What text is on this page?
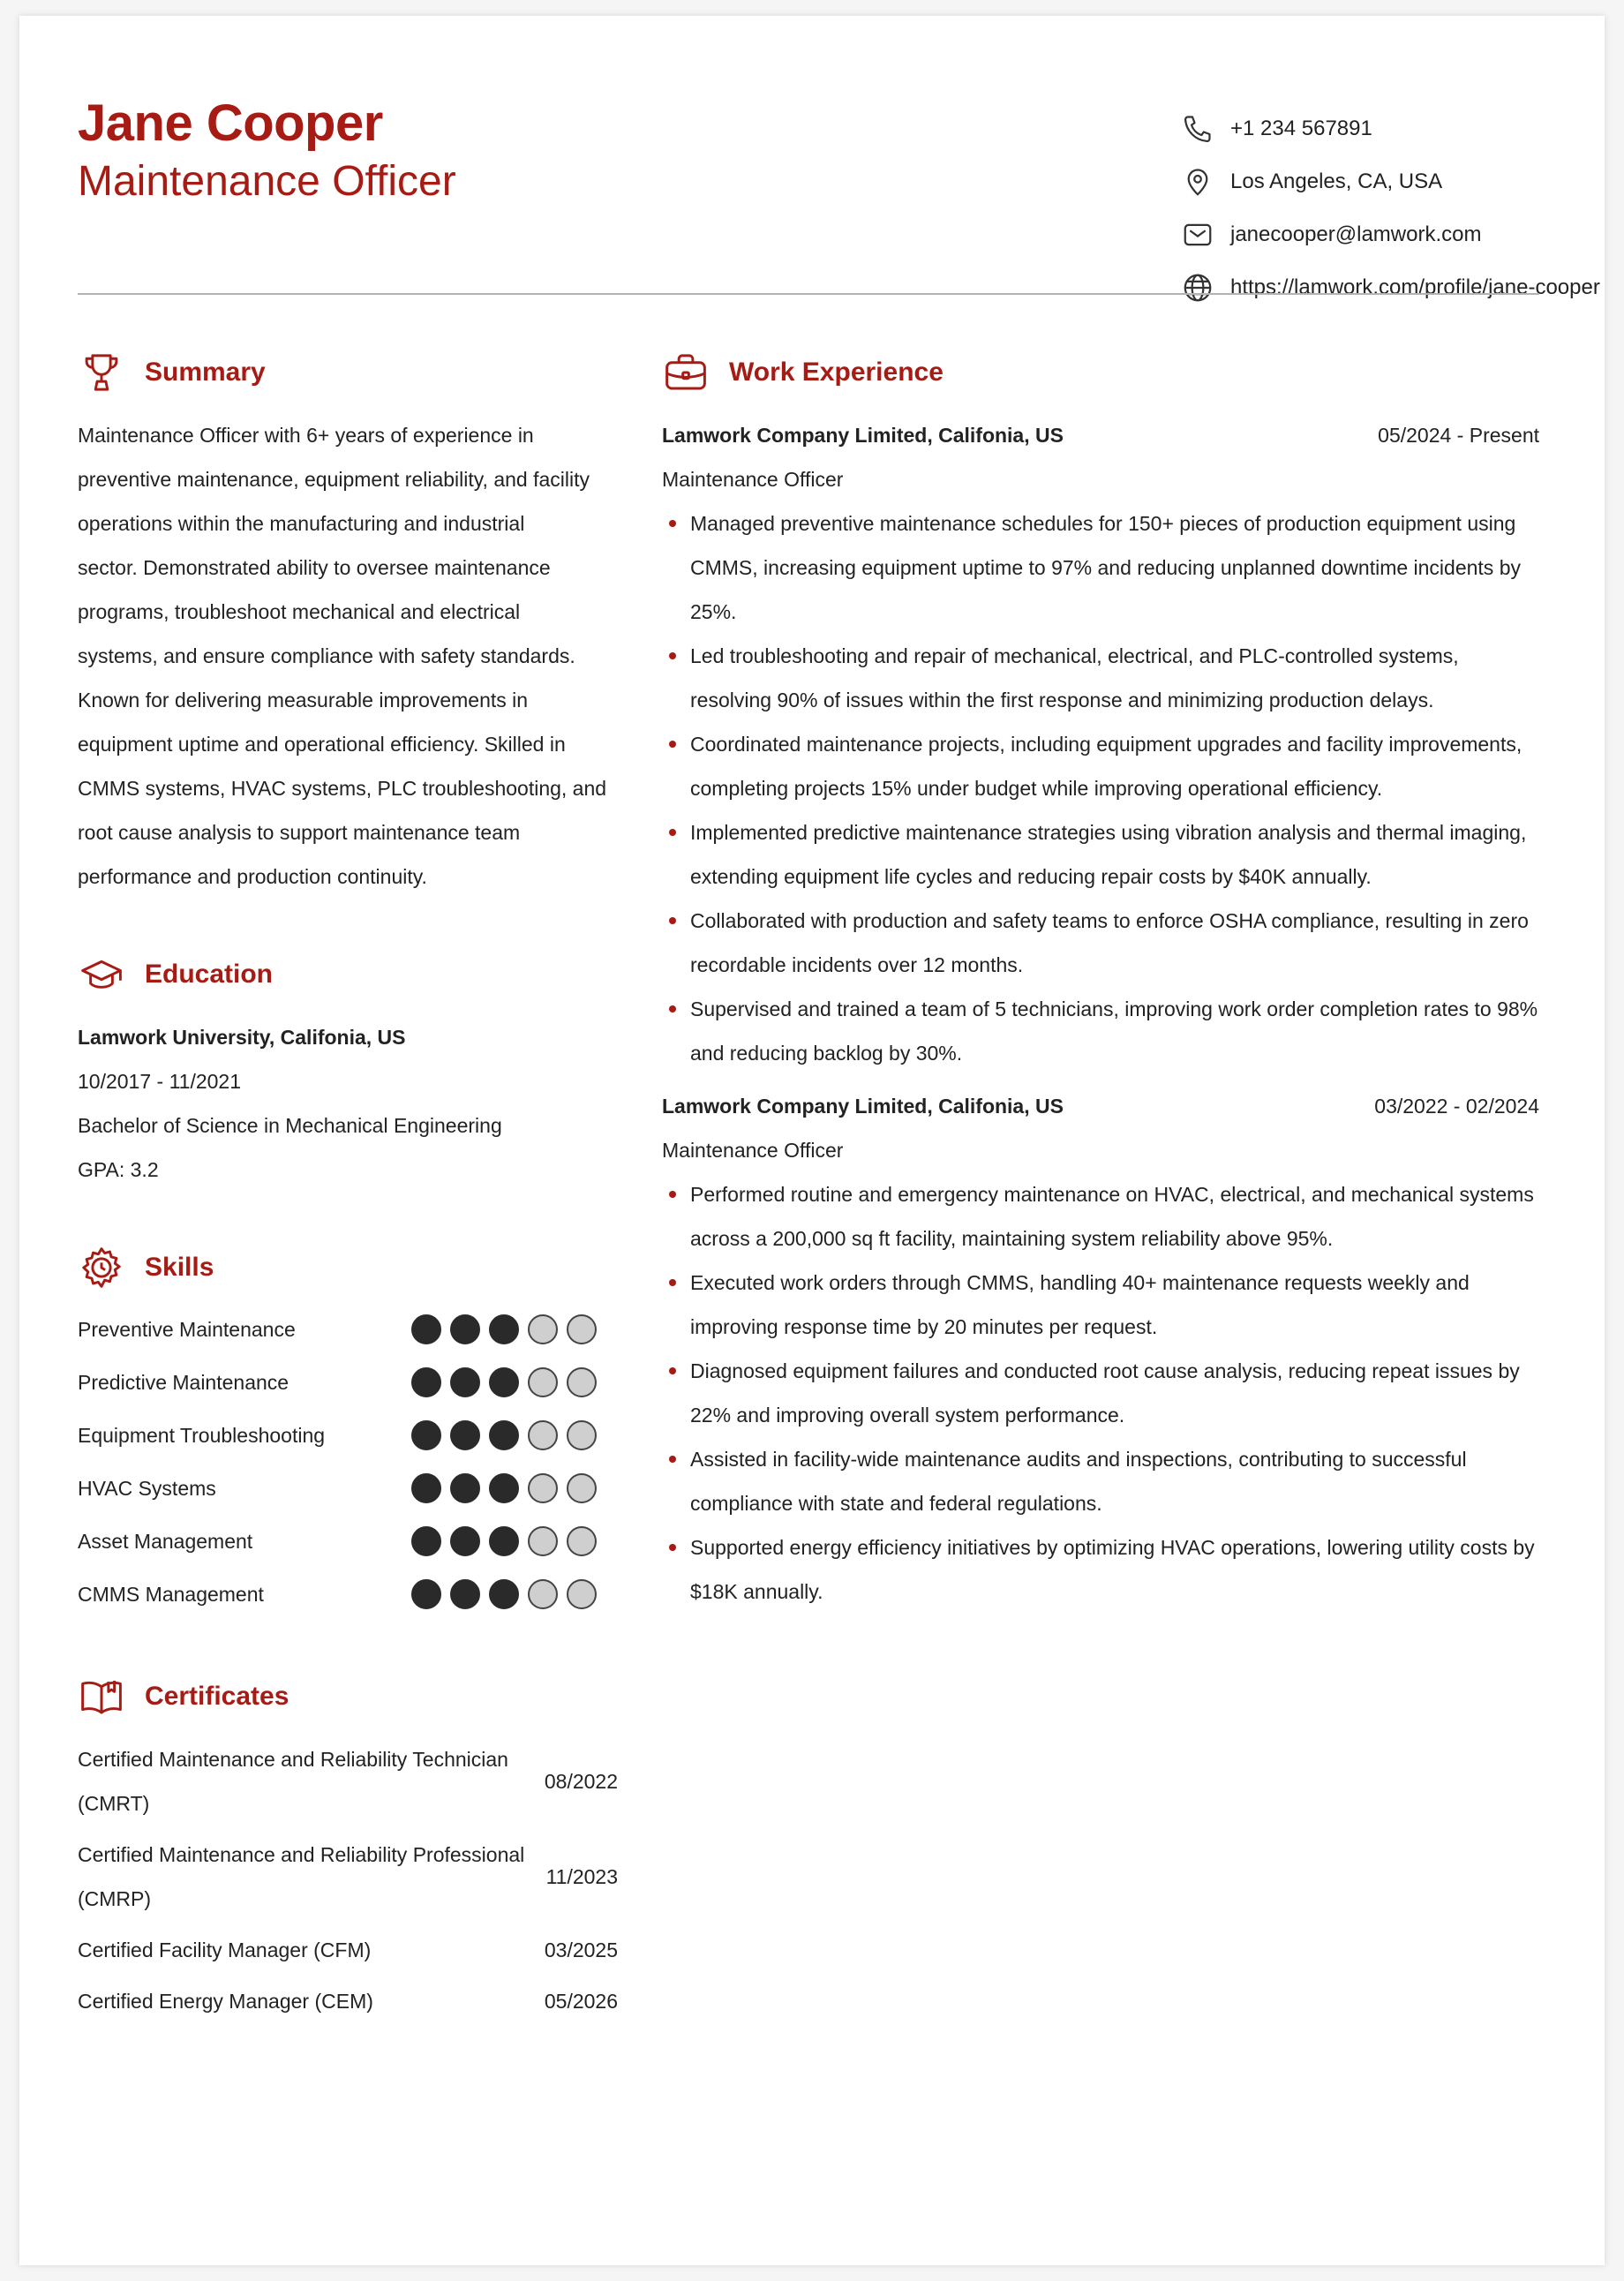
Jane Cooper
Maintenance Officer
+1 234 567891
Los Angeles, CA, USA
janecooper@lamwork.com
https://lamwork.com/profile/jane-cooper
Summary
Maintenance Officer with 6+ years of experience in
preventive maintenance, equipment reliability, and facility
operations within the manufacturing and industrial
sector. Demonstrated ability to oversee maintenance
programs, troubleshoot mechanical and electrical
systems, and ensure compliance with safety standards.
Known for delivering measurable improvements in
equipment uptime and operational efficiency. Skilled in
CMMS systems, HVAC systems, PLC troubleshooting, and
root cause analysis to support maintenance team
performance and production continuity.
Education
Lamwork University, Califonia, US
10/2017 - 11/2021
Bachelor of Science in Mechanical Engineering
GPA: 3.2
Skills
Preventive Maintenance
Predictive Maintenance
Equipment Troubleshooting
HVAC Systems
Asset Management
CMMS Management
Certificates
Certified Maintenance and Reliability Technician (CMRT)
08/2022
Certified Maintenance and Reliability Professional (CMRP)
11/2023
Certified Facility Manager (CFM)	03/2025
Certified Energy Manager (CEM)	05/2026
Work Experience
Lamwork Company Limited, Califonia, US	05/2024 - Present
Maintenance Officer
Managed preventive maintenance schedules for 150+ pieces of production equipment using CMMS, increasing equipment uptime to 97% and reducing unplanned downtime incidents by 25%.
Led troubleshooting and repair of mechanical, electrical, and PLC-controlled systems, resolving 90% of issues within the first response and minimizing production delays.
Coordinated maintenance projects, including equipment upgrades and facility improvements, completing projects 15% under budget while improving operational efficiency.
Implemented predictive maintenance strategies using vibration analysis and thermal imaging, extending equipment life cycles and reducing repair costs by $40K annually.
Collaborated with production and safety teams to enforce OSHA compliance, resulting in zero recordable incidents over 12 months.
Supervised and trained a team of 5 technicians, improving work order completion rates to 98% and reducing backlog by 30%.
Lamwork Company Limited, Califonia, US	03/2022 - 02/2024
Maintenance Officer
Performed routine and emergency maintenance on HVAC, electrical, and mechanical systems across a 200,000 sq ft facility, maintaining system reliability above 95%.
Executed work orders through CMMS, handling 40+ maintenance requests weekly and improving response time by 20 minutes per request.
Diagnosed equipment failures and conducted root cause analysis, reducing repeat issues by 22% and improving overall system performance.
Assisted in facility-wide maintenance audits and inspections, contributing to successful compliance with state and federal regulations.
Supported energy efficiency initiatives by optimizing HVAC operations, lowering utility costs by $18K annually.
